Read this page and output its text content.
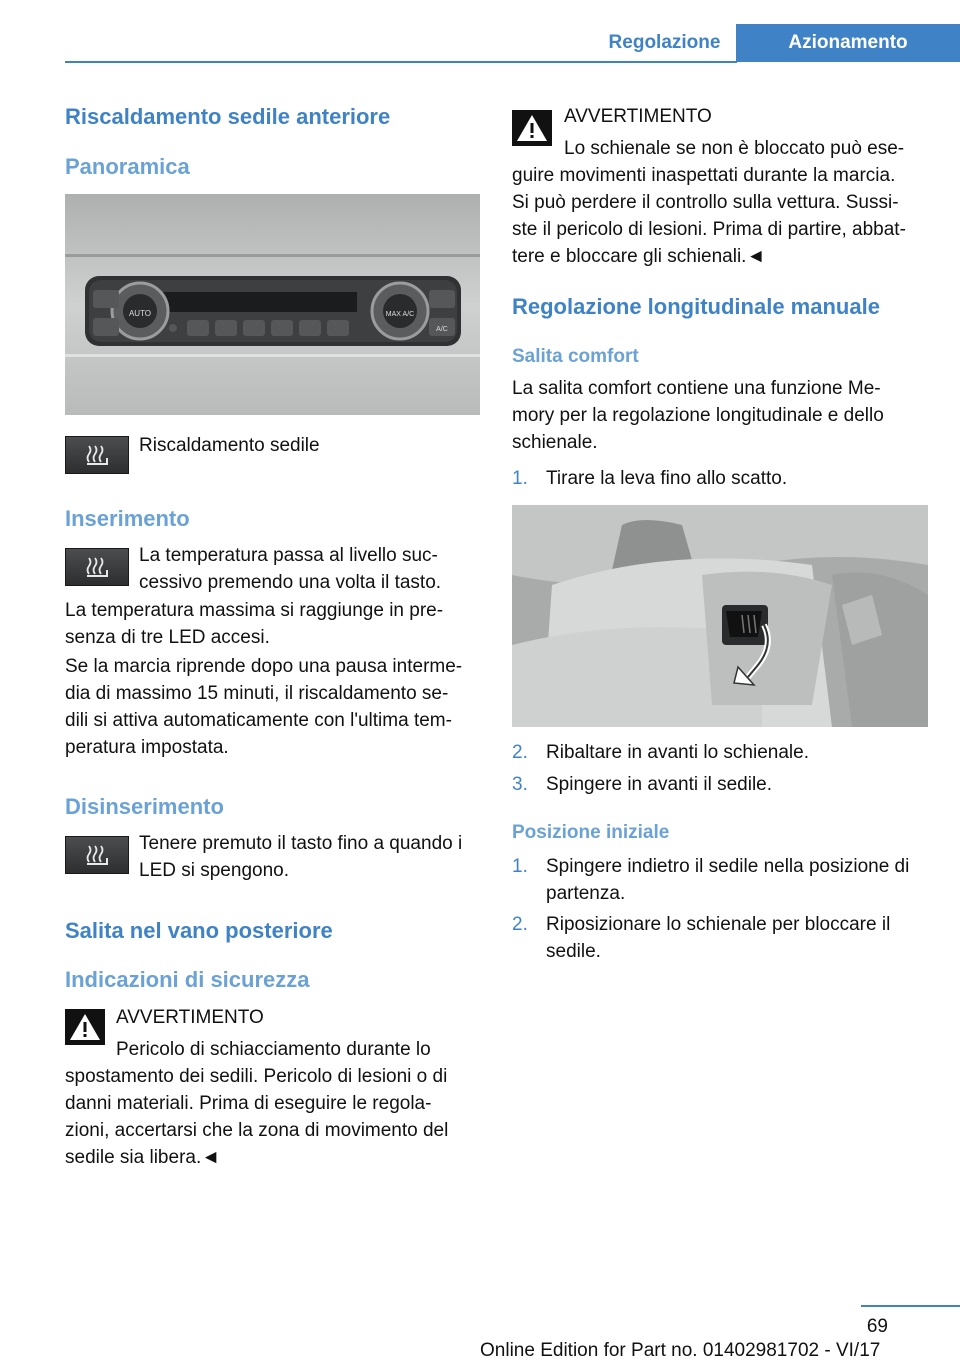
Regolazione	Azionamento
Riscaldamento sedile anteriore
Panoramica
AUTO	MAX A/C
A/C
Riscaldamento sedile
Inserimento
La temperatura passa al livello suc-
cessivo premendo una volta il tasto.
La temperatura massima si raggiunge in pre-
senza di tre LED accesi.
Se la marcia riprende dopo una pausa interme-
dia di massimo 15 minuti, il riscaldamento se-
dili si attiva automaticamente con l'ultima tem-
peratura impostata.
Disinserimento
Tenere premuto il tasto fino a quando i
LED si spengono.
Salita nel vano posteriore
Indicazioni di sicurezza
AVVERTIMENTO
Pericolo di schiacciamento durante lo
spostamento dei sedili. Pericolo di lesioni o di
danni materiali. Prima di eseguire le regola-
zioni, accertarsi che la zona di movimento del
sedile sia libera.◄
AVVERTIMENTO
Lo schienale se non è bloccato può ese-
guire movimenti inaspettati durante la marcia.
Si può perdere il controllo sulla vettura. Sussi-
ste il pericolo di lesioni. Prima di partire, abbat-
tere e bloccare gli schienali.◄
Regolazione longitudinale manuale
Salita comfort
La salita comfort contiene una funzione Me-
mory per la regolazione longitudinale e dello
schienale.
1. Tirare la leva fino allo scatto.
2. Ribaltare in avanti lo schienale.
3. Spingere in avanti il sedile.
Posizione iniziale
1. Spingere indietro il sedile nella posizione di
partenza.
2. Riposizionare lo schienale per bloccare il
sedile.
69
Online Edition for Part no. 01402981702 - VI/17
